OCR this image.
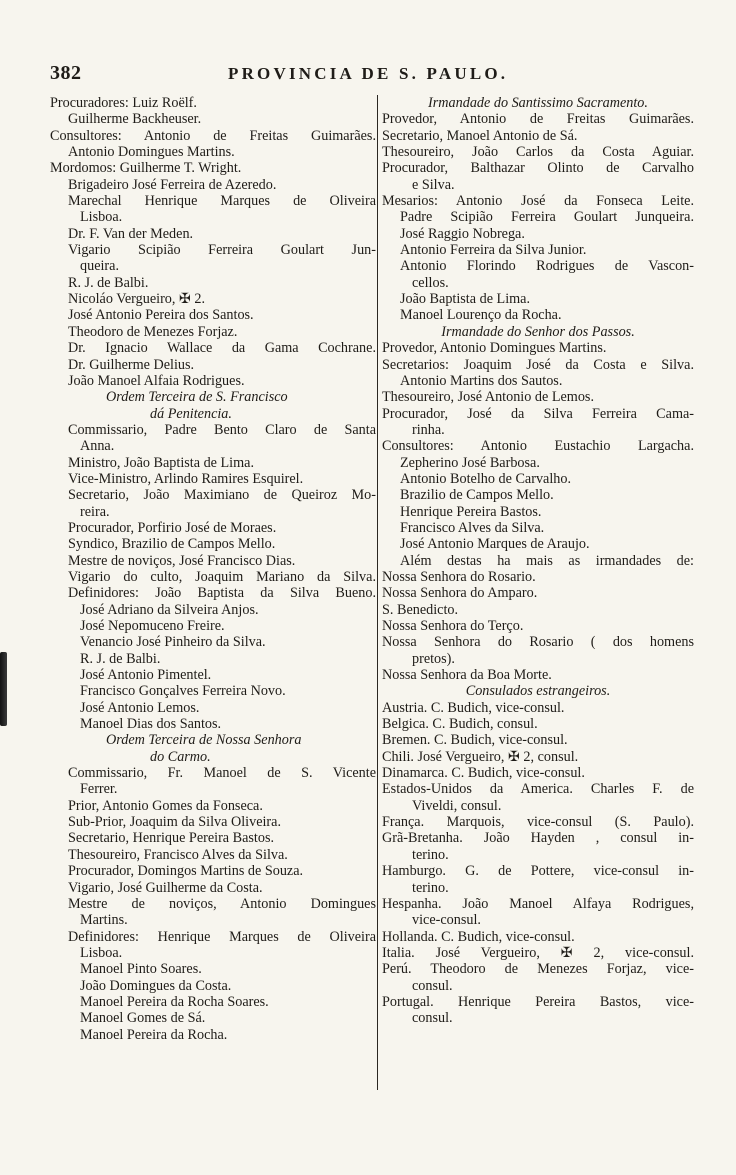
382	PROVINCIA DE S. PAULO.
Procuradores: Luiz Roëlf.
Guilherme Backheuser.
Consultores: Antonio de Freitas Guimarães.
Antonio Domingues Martins.
Mordomos: Guilherme T. Wright.
Brigadeiro José Ferreira de Azeredo.
Marechal Henrique Marques de Oliveira
Lisboa.
Dr. F. Van der Meden.
Vigario Scipião Ferreira Goulart Jun-
queira.
R. J. de Balbi.
Nicoláo Vergueiro, ✠ 2.
José Antonio Pereira dos Santos.
Theodoro de Menezes Forjaz.
Dr. Ignacio Wallace da Gama Cochrane.
Dr. Guilherme Delius.
João Manoel Alfaia Rodrigues.
Ordem Terceira de S. Francisco
dá Penitencia.
Commissario, Padre Bento Claro de Santa
Anna.
Ministro, João Baptista de Lima.
Vice-Ministro, Arlindo Ramires Esquirel.
Secretario, João Maximiano de Queiroz Mo-
reira.
Procurador, Porfirio José de Moraes.
Syndico, Brazilio de Campos Mello.
Mestre de noviços, José Francisco Dias.
Vigario do culto, Joaquim Mariano da Silva.
Definidores: João Baptista da Silva Bueno.
José Adriano da Silveira Anjos.
José Nepomuceno Freire.
Venancio José Pinheiro da Silva.
R. J. de Balbi.
José Antonio Pimentel.
Francisco Gonçalves Ferreira Novo.
José Antonio Lemos.
Manoel Dias dos Santos.
Ordem Terceira de Nossa Senhora
do Carmo.
Commissario, Fr. Manoel de S. Vicente
Ferrer.
Prior, Antonio Gomes da Fonseca.
Sub-Prior, Joaquim da Silva Oliveira.
Secretario, Henrique Pereira Bastos.
Thesoureiro, Francisco Alves da Silva.
Procurador, Domingos Martins de Souza.
Vigario, José Guilherme da Costa.
Mestre de noviços, Antonio Domingues
Martins.
Definidores: Henrique Marques de Oliveira
Lisboa.
Manoel Pinto Soares.
João Domingues da Costa.
Manoel Pereira da Rocha Soares.
Manoel Gomes de Sá.
Manoel Pereira da Rocha.
Irmandade do Santissimo Sacramento.
Provedor, Antonio de Freitas Guimarães.
Secretario, Manoel Antonio de Sá.
Thesoureiro, João Carlos da Costa Aguiar.
Procurador, Balthazar Olinto de Carvalho
e Silva.
Mesarios: Antonio José da Fonseca Leite.
Padre Scipião Ferreira Goulart Junqueira.
José Raggio Nobrega.
Antonio Ferreira da Silva Junior.
Antonio Florindo Rodrigues de Vascon-
cellos.
João Baptista de Lima.
Manoel Lourenço da Rocha.
Irmandade do Senhor dos Passos.
Provedor, Antonio Domingues Martins.
Secretarios: Joaquim José da Costa e Silva.
Antonio Martins dos Sautos.
Thesoureiro, José Antonio de Lemos.
Procurador, José da Silva Ferreira Cama-
rinha.
Consultores: Antonio Eustachio Largacha.
Zepherino José Barbosa.
Antonio Botelho de Carvalho.
Brazilio de Campos Mello.
Henrique Pereira Bastos.
Francisco Alves da Silva.
José Antonio Marques de Araujo.
Além destas ha mais as irmandades de:
Nossa Senhora do Rosario.
Nossa Senhora do Amparo.
S. Benedicto.
Nossa Senhora do Terço.
Nossa Senhora do Rosario ( dos homens
pretos).
Nossa Senhora da Boa Morte.
Consulados estrangeiros.
Austria. C. Budich, vice-consul.
Belgica. C. Budich, consul.
Bremen. C. Budich, vice-consul.
Chili. José Vergueiro, ✠ 2, consul.
Dinamarca. C. Budich, vice-consul.
Estados-Unidos da America. Charles F. de
Viveldi, consul.
França. Marquois, vice-consul (S. Paulo).
Grã-Bretanha. João Hayden , consul in-
terino.
Hamburgo. G. de Pottere, vice-consul in-
terino.
Hespanha. João Manoel Alfaya Rodrigues,
vice-consul.
Hollanda. C. Budich, vice-consul.
Italia. José Vergueiro, ✠ 2, vice-consul.
Perú. Theodoro de Menezes Forjaz, vice-
consul.
Portugal. Henrique Pereira Bastos, vice-
consul.
